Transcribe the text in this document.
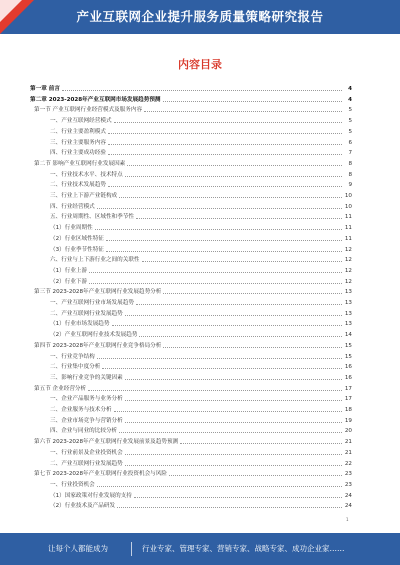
产业互联网企业提升服务质量策略研究报告
内容目录
第一章 前言	4
第二章 2023-2028年产业互联网市场发展趋势预测	4
第一节 产业互联网行业经营模式及服务内容	5
一、产业互联网经营模式	5
二、行业主要盈利模式	5
三、行业主要服务内容	6
四、行业主要成功经验	7
第二节 影响产业互联网行业发展因素	8
一、行业技术水平、技术特点	8
二、行业技术发展趋势	9
三、行业上下游产业链构成	10
四、行业经营模式	10
五、行业周期性、区域性和季节性	11
（1）行业周期性	11
（2）行业区域性特征	11
（3）行业季节性特征	12
六、行业与上下游行业之间的关联性	12
（1）行业上游	12
（2）行业下游	12
第三节 2023-2028年产业互联网行业发展趋势分析	13
一、产业互联网行业市场发展趋势	13
二、产业互联网行业发展趋势	13
（1）行业市场发展趋势	13
（2）产业互联网行业技术发展趋势	14
第四节 2023-2028年产业互联网行业竞争格局分析	15
一、行业竞争结构	15
二、行业集中度分析	16
三、影响行业竞争的关键因素	16
第五节 企业经营分析	17
一、企业产品服务与业务分析	17
二、企业服务与技术分析	18
三、企业市场竞争与营销分析	19
四、企业与同业的比较分析	20
第六节 2023-2028年产业互联网行业发展前景及趋势预测	21
一、行业前景及企业投资机会	21
二、产业互联网行业发展趋势	22
第七节 2023-2028年产业互联网行业投资机会与风险	23
一、行业投资机会	23
（1）国家政策对行业发展的支持	24
（2）行业技术及产品研发	24
1
让每个人都能成为	行业专家、管理专家、营销专家、战略专家、成功企业家……
